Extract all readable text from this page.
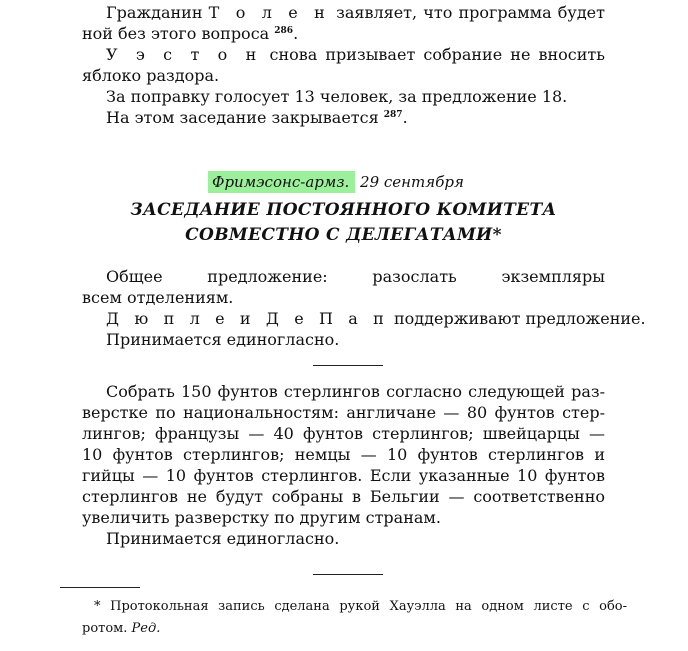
Гражданин Т о л е н заявляет, что программа будет
ной без этого вопроса $^{286}$.
У э с т о н снова призывает собрание не вносить
яблоко раздора.
За поправку голосует 13 человек, за предложение 18.
На этом заседание закрывается $^{287}$.
Фримэсонс-армз. 29 сентября
ЗАСЕДАНИЕ ПОСТОЯННОГО КОМИТЕТА
СОВМЕСТНО С ДЕЛЕГАТАМИ*
Общее предложение: разослать экземпляры
всем отделениям.
Д ю п л е и Д е П а п поддерживают предложение.
Принимается единогласно.
Собрать 150 фунтов стерлингов согласно следующей раз-
верстке по национальностям: англичане — 80 фунтов стер-
лингов; французы — 40 фунтов стерлингов; швейцарцы —
10 фунтов стерлингов; немцы — 10 фунтов стерлингов и
гийцы — 10 фунтов стерлингов. Если указанные 10 фунтов
стерлингов не будут собраны в Бельгии — соответственно
увеличить разверстку по другим странам.
Принимается единогласно.
* Протокольная запись сделана рукой Хауэлла на одном листе с обо-
ротом. Ред.
